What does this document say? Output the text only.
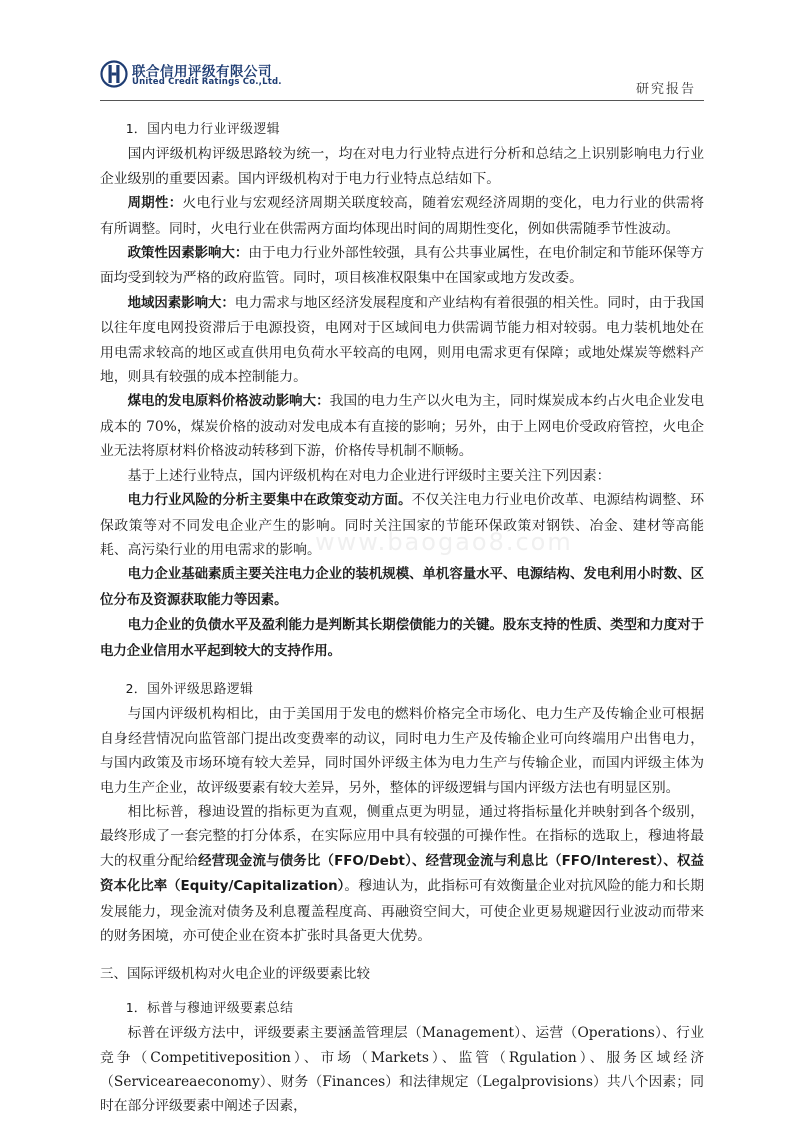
联合信用评级有限公司
United Credit Ratings Co.,Ltd.	研究报告
www.baogao8.com

1．国内电力行业评级逻辑

国内评级机构评级思路较为统一，均在对电力行业特点进行分析和总结之上识别影响电力行业企业级别的重要因素。国内评级机构对于电力行业特点总结如下。

周期性：火电行业与宏观经济周期关联度较高，随着宏观经济周期的变化，电力行业的供需将有所调整。同时，火电行业在供需两方面均体现出时间的周期性变化，例如供需随季节性波动。

政策性因素影响大：由于电力行业外部性较强，具有公共事业属性，在电价制定和节能环保等方面均受到较为严格的政府监管。同时，项目核准权限集中在国家或地方发改委。

地域因素影响大：电力需求与地区经济发展程度和产业结构有着很强的相关性。同时，由于我国以往年度电网投资滞后于电源投资，电网对于区域间电力供需调节能力相对较弱。电力装机地处在用电需求较高的地区或直供用电负荷水平较高的电网，则用电需求更有保障；或地处煤炭等燃料产地，则具有较强的成本控制能力。

煤电的发电原料价格波动影响大：我国的电力生产以火电为主，同时煤炭成本约占火电企业发电成本的 70%，煤炭价格的波动对发电成本有直接的影响；另外，由于上网电价受政府管控，火电企业无法将原材料价格波动转移到下游，价格传导机制不顺畅。

基于上述行业特点，国内评级机构在对电力企业进行评级时主要关注下列因素：

电力行业风险的分析主要集中在政策变动方面。不仅关注电力行业电价改革、电源结构调整、环保政策等对不同发电企业产生的影响。同时关注国家的节能环保政策对钢铁、冶金、建材等高能耗、高污染行业的用电需求的影响。

电力企业基础素质主要关注电力企业的装机规模、单机容量水平、电源结构、发电利用小时数、区位分布及资源获取能力等因素。

电力企业的负债水平及盈利能力是判断其长期偿债能力的关键。股东支持的性质、类型和力度对于电力企业信用水平起到较大的支持作用。

2．国外评级思路逻辑

与国内评级机构相比，由于美国用于发电的燃料价格完全市场化、电力生产及传输企业可根据自身经营情况向监管部门提出改变费率的动议，同时电力生产及传输企业可向终端用户出售电力，与国内政策及市场环境有较大差异，同时国外评级主体为电力生产与传输企业，而国内评级主体为电力生产企业，故评级要素有较大差异，另外，整体的评级逻辑与国内评级方法也有明显区别。

相比标普，穆迪设置的指标更为直观，侧重点更为明显，通过将指标量化并映射到各个级别，最终形成了一套完整的打分体系，在实际应用中具有较强的可操作性。在指标的选取上，穆迪将最大的权重分配给经营现金流与债务比（FFO/Debt）、经营现金流与利息比（FFO/Interest）、权益资本化比率（Equity/Capitalization）。穆迪认为，此指标可有效衡量企业对抗风险的能力和长期发展能力，现金流对债务及利息覆盖程度高、再融资空间大，可使企业更易规避因行业波动而带来的财务困境，亦可使企业在资本扩张时具备更大优势。

三、国际评级机构对火电企业的评级要素比较

1．标普与穆迪评级要素总结

标普在评级方法中，评级要素主要涵盖管理层（Management）、运营（Operations）、行业竞争（Competitiveposition）、市场（Markets）、监管（Rgulation）、服务区域经济（Serviceareaeconomy）、财务（Finances）和法律规定（Legalprovisions）共八个因素；同时在部分评级要素中阐述子因素，
